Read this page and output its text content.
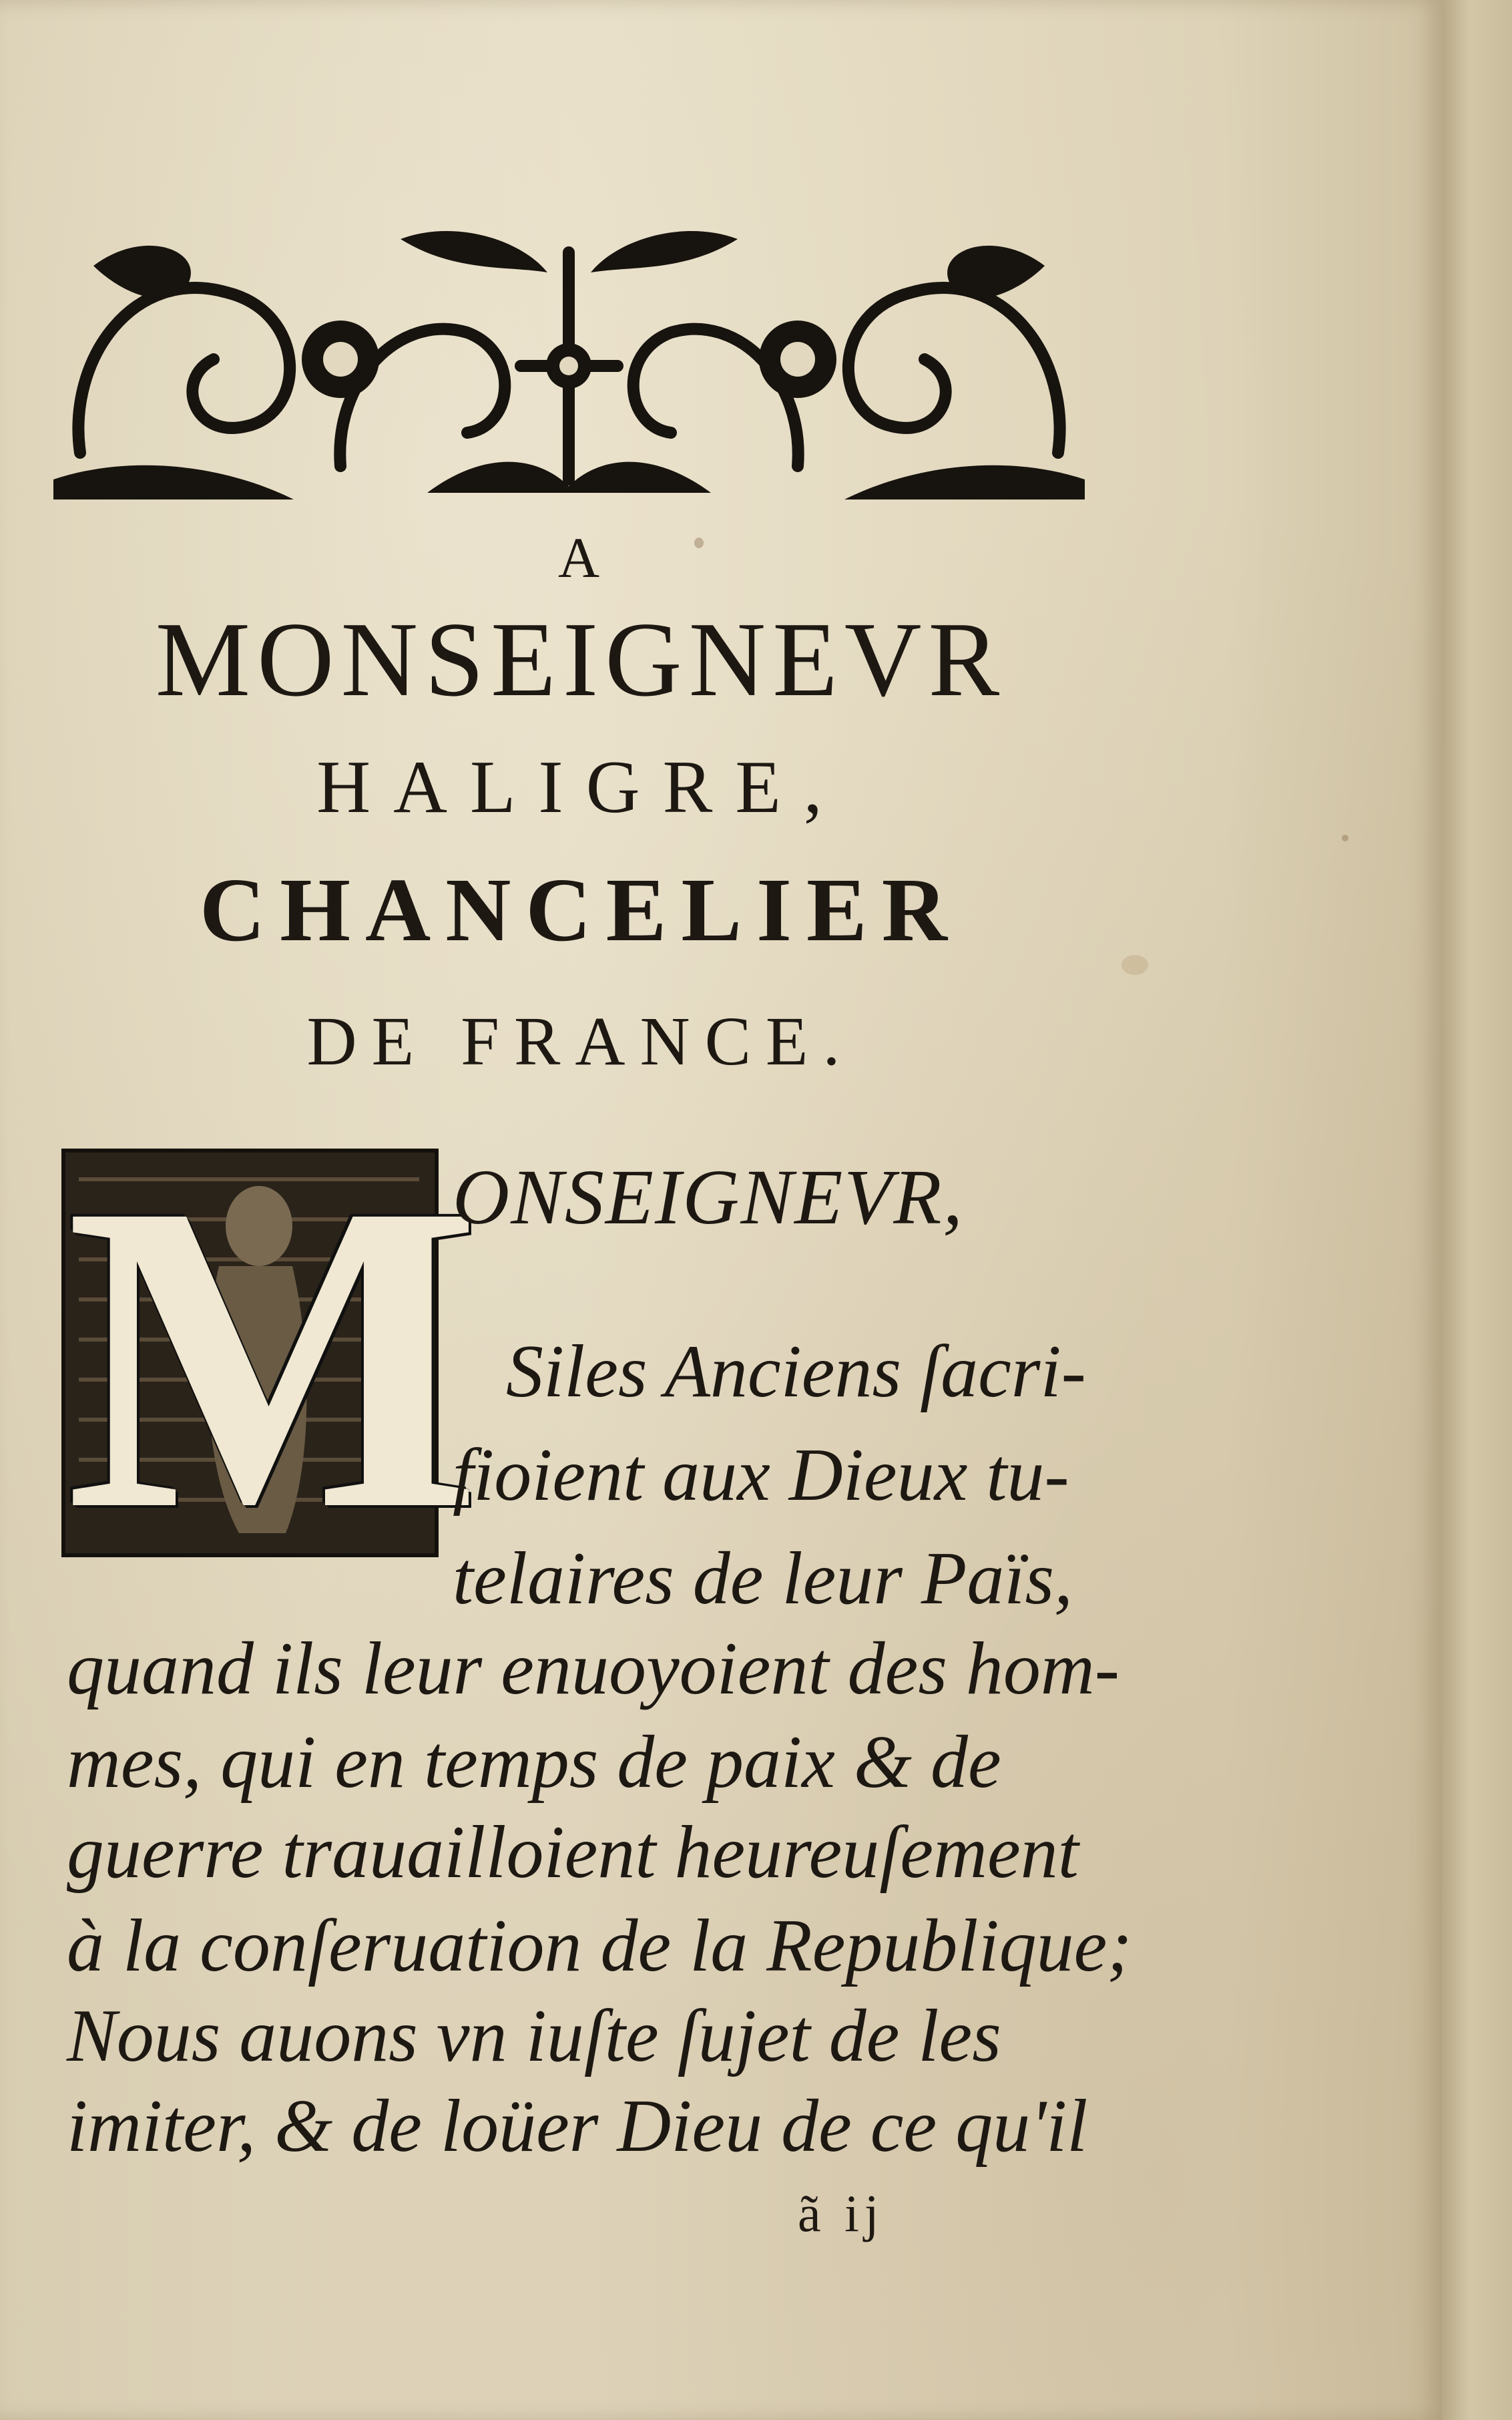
A
MONSEIGNEVR
HALIGRE,
CHANCELIER
DE FRANCE.
M
ONSEIGNEVR,
Siles Anciens ſacri-
fioient aux Dieux tu-
telaires de leur Païs,
quand ils leur enuoyoient des hom-
mes, qui en temps de paix & de
guerre trauailloient heureuſement
à la conſeruation de la Republique;
Nous auons vn iuſte ſujet de les
imiter, & de loüer Dieu de ce qu'il
ã ij
